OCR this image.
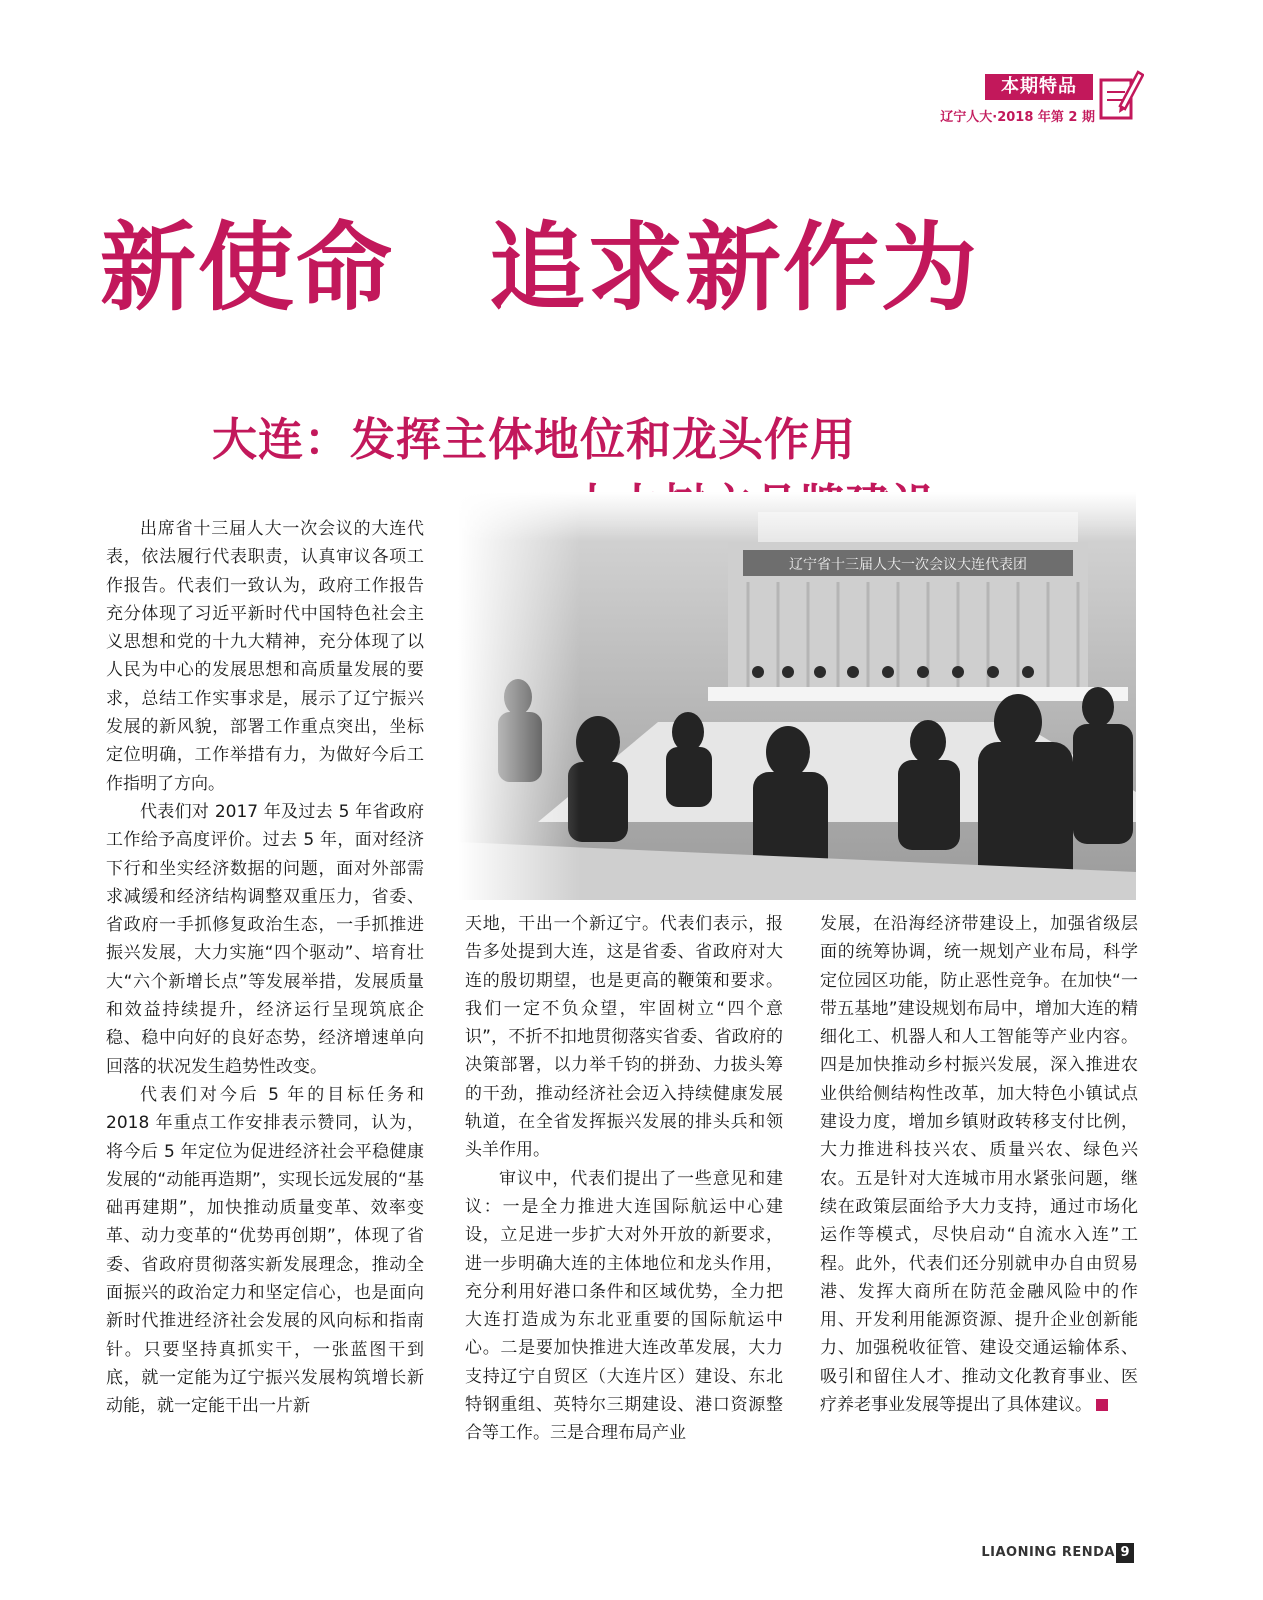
本期特品
辽宁人大·2018 年第 2 期
新使命 追求新作为
大连：发挥主体地位和龙头作用

出席省十三届人大一次会议的大连代表，依法履行代表职责，认真审议各项工作报告。代表们一致认为，政府工作报告充分体现了习近平新时代中国特色社会主义思想和党的十九大精神，充分体现了以人民为中心的发展思想和高质量发展的要求，总结工作实事求是，展示了辽宁振兴发展的新风貌，部署工作重点突出，坐标定位明确，工作举措有力，为做好今后工作指明了方向。

代表们对 2017 年及过去 5 年省政府工作给予高度评价。过去 5 年，面对经济下行和坐实经济数据的问题，面对外部需求减缓和经济结构调整双重压力，省委、省政府一手抓修复政治生态，一手抓推进振兴发展，大力实施“四个驱动”、培育壮大“六个新增长点”等发展举措，发展质量和效益持续提升，经济运行呈现筑底企稳、稳中向好的良好态势，经济增速单向回落的状况发生趋势性改变。

代表们对今后 5 年的目标任务和 2018 年重点工作安排表示赞同，认为，将今后 5 年定位为促进经济社会平稳健康发展的“动能再造期”，实现长远发展的“基础再建期”，加快推动质量变革、效率变革、动力变革的“优势再创期”，体现了省委、省政府贯彻落实新发展理念，推动全面振兴的政治定力和坚定信心，也是面向新时代推进经济社会发展的风向标和指南针。只要坚持真抓实干，一张蓝图干到底，就一定能为辽宁振兴发展构筑增长新动能，就一定能干出一片新

天地，干出一个新辽宁。代表们表示，报告多处提到大连，这是省委、省政府对大连的殷切期望，也是更高的鞭策和要求。我们一定不负众望，牢固树立“四个意识”，不折不扣地贯彻落实省委、省政府的决策部署，以力举千钧的拼劲、力拔头筹的干劲，推动经济社会迈入持续健康发展轨道，在全省发挥振兴发展的排头兵和领头羊作用。

审议中，代表们提出了一些意见和建议：一是全力推进大连国际航运中心建设，立足进一步扩大对外开放的新要求，进一步明确大连的主体地位和龙头作用，充分利用好港口条件和区域优势，全力把大连打造成为东北亚重要的国际航运中心。二是要加快推进大连改革发展，大力支持辽宁自贸区（大连片区）建设、东北特钢重组、英特尔三期建设、港口资源整合等工作。三是合理布局产业

发展，在沿海经济带建设上，加强省级层面的统筹协调，统一规划产业布局，科学定位园区功能，防止恶性竞争。在加快“一带五基地”建设规划布局中，增加大连的精细化工、机器人和人工智能等产业内容。四是加快推动乡村振兴发展，深入推进农业供给侧结构性改革，加大特色小镇试点建设力度，增加乡镇财政转移支付比例，大力推进科技兴农、质量兴农、绿色兴农。五是针对大连城市用水紧张问题，继续在政策层面给予大力支持，通过市场化运作等模式，尽快启动“自流水入连”工程。此外，代表们还分别就申办自由贸易港、发挥大商所在防范金融风险中的作用、开发利用能源资源、提升企业创新能力、加强税收征管、建设交通运输体系、吸引和留住人才、推动文化教育事业、医疗养老事业发展等提出了具体建议。

LIAONING RENDA 9
